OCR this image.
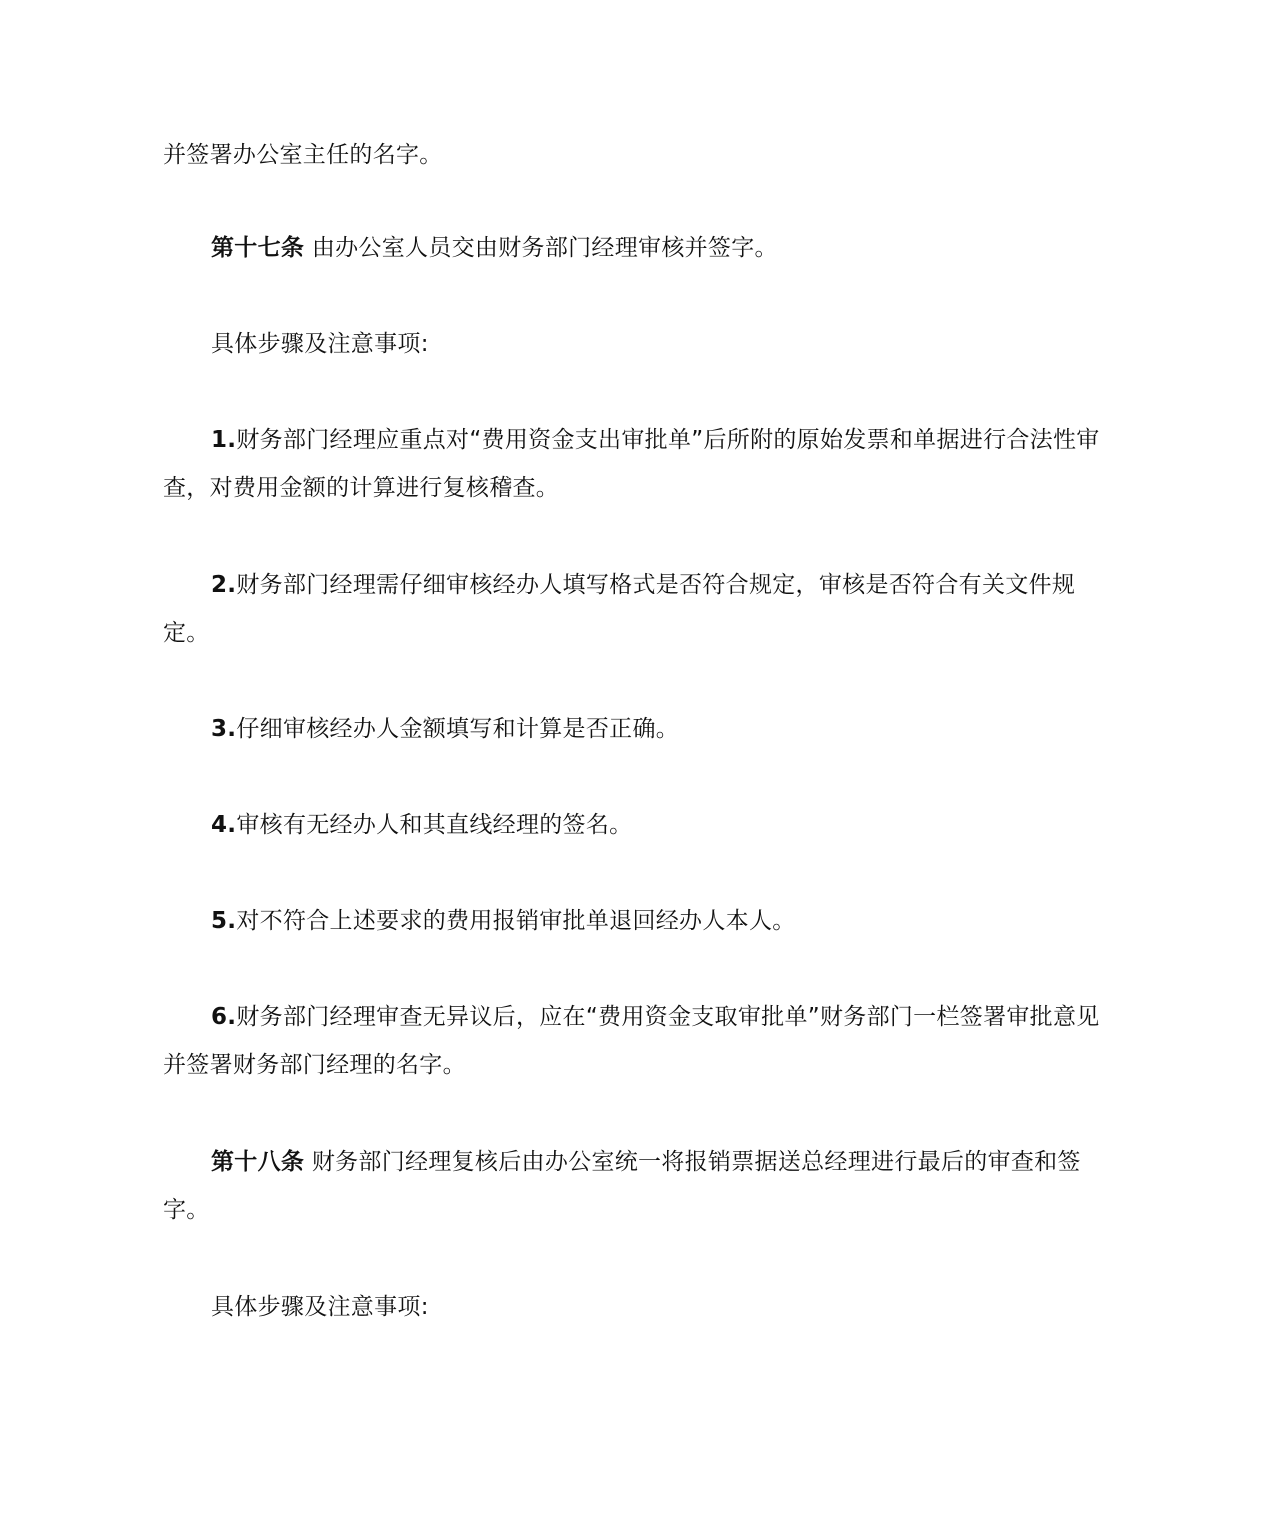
并签署办公室主任的名字。

第十七条 由办公室人员交由财务部门经理审核并签字。

具体步骤及注意事项:

1.财务部门经理应重点对“费用资金支出审批单”后所附的原始发票和单据进行合法性审查，对费用金额的计算进行复核稽查。

2.财务部门经理需仔细审核经办人填写格式是否符合规定，审核是否符合有关文件规定。

3.仔细审核经办人金额填写和计算是否正确。

4.审核有无经办人和其直线经理的签名。

5.对不符合上述要求的费用报销审批单退回经办人本人。

6.财务部门经理审查无异议后，应在“费用资金支取审批单”财务部门一栏签署审批意见并签署财务部门经理的名字。

第十八条 财务部门经理复核后由办公室统一将报销票据送总经理进行最后的审查和签字。

具体步骤及注意事项:
